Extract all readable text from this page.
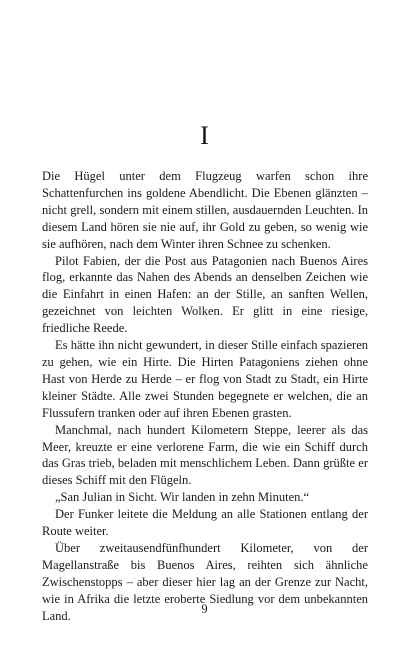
I

Die Hügel unter dem Flugzeug warfen schon ihre Schattenfurchen ins goldene Abendlicht. Die Ebenen glänzten – nicht grell, sondern mit einem stillen, ausdauernden Leuchten. In diesem Land hören sie nie auf, ihr Gold zu geben, so wenig wie sie aufhören, nach dem Winter ihren Schnee zu schenken.

Pilot Fabien, der die Post aus Patagonien nach Buenos Aires flog, erkannte das Nahen des Abends an denselben Zeichen wie die Einfahrt in einen Hafen: an der Stille, an sanften Wellen, gezeichnet von leichten Wolken. Er glitt in eine riesige, friedliche Reede.

Es hätte ihn nicht gewundert, in dieser Stille einfach spazieren zu gehen, wie ein Hirte. Die Hirten Patagoniens ziehen ohne Hast von Herde zu Herde – er flog von Stadt zu Stadt, ein Hirte kleiner Städte. Alle zwei Stunden begegnete er welchen, die an Flussufern tranken oder auf ihren Ebenen grasten.

Manchmal, nach hundert Kilometern Steppe, leerer als das Meer, kreuzte er eine verlorene Farm, die wie ein Schiff durch das Gras trieb, beladen mit menschlichem Leben. Dann grüßte er dieses Schiff mit den Flügeln.

„San Julian in Sicht. Wir landen in zehn Minuten.“

Der Funker leitete die Meldung an alle Stationen entlang der Route weiter.

Über zweitausendfünfhundert Kilometer, von der Magellanstraße bis Buenos Aires, reihten sich ähnliche Zwischenstopps – aber dieser hier lag an der Grenze zur Nacht, wie in Afrika die letzte eroberte Siedlung vor dem unbekannten Land.	9
